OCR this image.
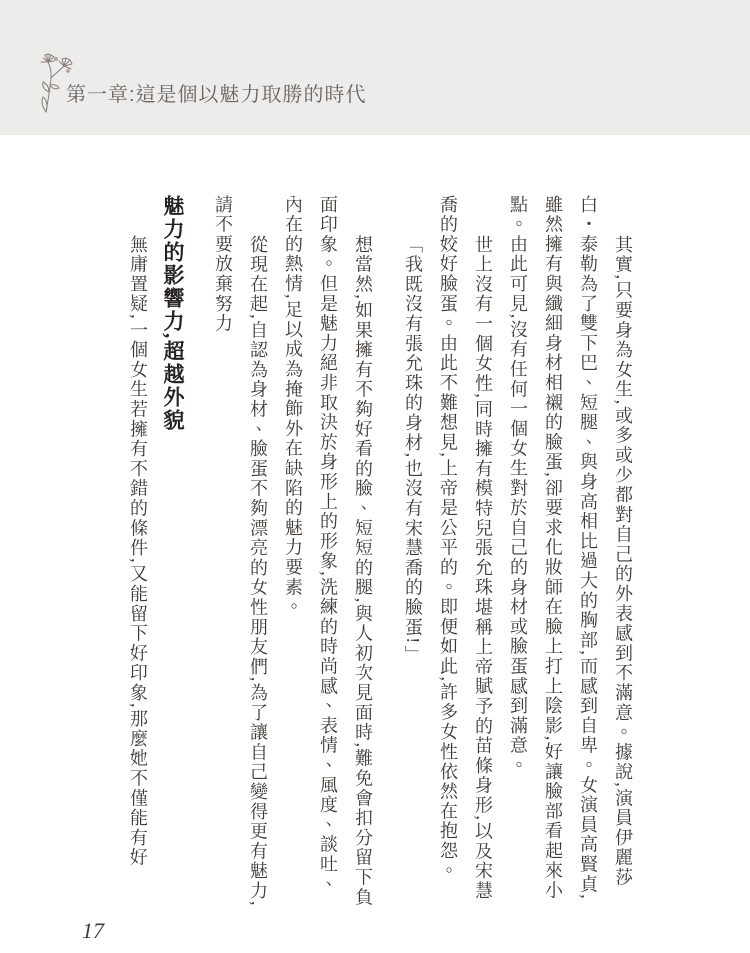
第一章:這是個以魅力取勝的時代

其實,只要身為女生,或多或少都對自己的外表感到不滿意。據說,演員伊麗莎白・泰勒為了雙下巴、短腿、與身高相比過大的胸部,而感到自卑。女演員高賢貞,雖然擁有與纖細身材相襯的臉蛋,卻要求化妝師在臉上打上陰影,好讓臉部看起來小點。由此可見,沒有任何一個女生對於自己的身材或臉蛋感到滿意。

世上沒有一個女性,同時擁有模特兒張允珠堪稱上帝賦予的苗條身形,以及宋慧喬的姣好臉蛋。由此不難想見,上帝是公平的。即便如此,許多女性依然在抱怨。

「我既沒有張允珠的身材,也沒有宋慧喬的臉蛋!」

想當然,如果擁有不夠好看的臉、短短的腿,與人初次見面時,難免會扣分留下負面印象。但是魅力絕非取決於身形上的形象,洗練的時尚感、表情、風度、談吐、內在的熱情,足以成為掩飾外在缺陷的魅力要素。

從現在起,自認為身材、臉蛋不夠漂亮的女性朋友們,為了讓自己變得更有魅力,請不要放棄努力

魅力的影響力,超越外貌

無庸置疑,一個女生若擁有不錯的條件,又能留下好印象,那麼她不僅能有好

17
